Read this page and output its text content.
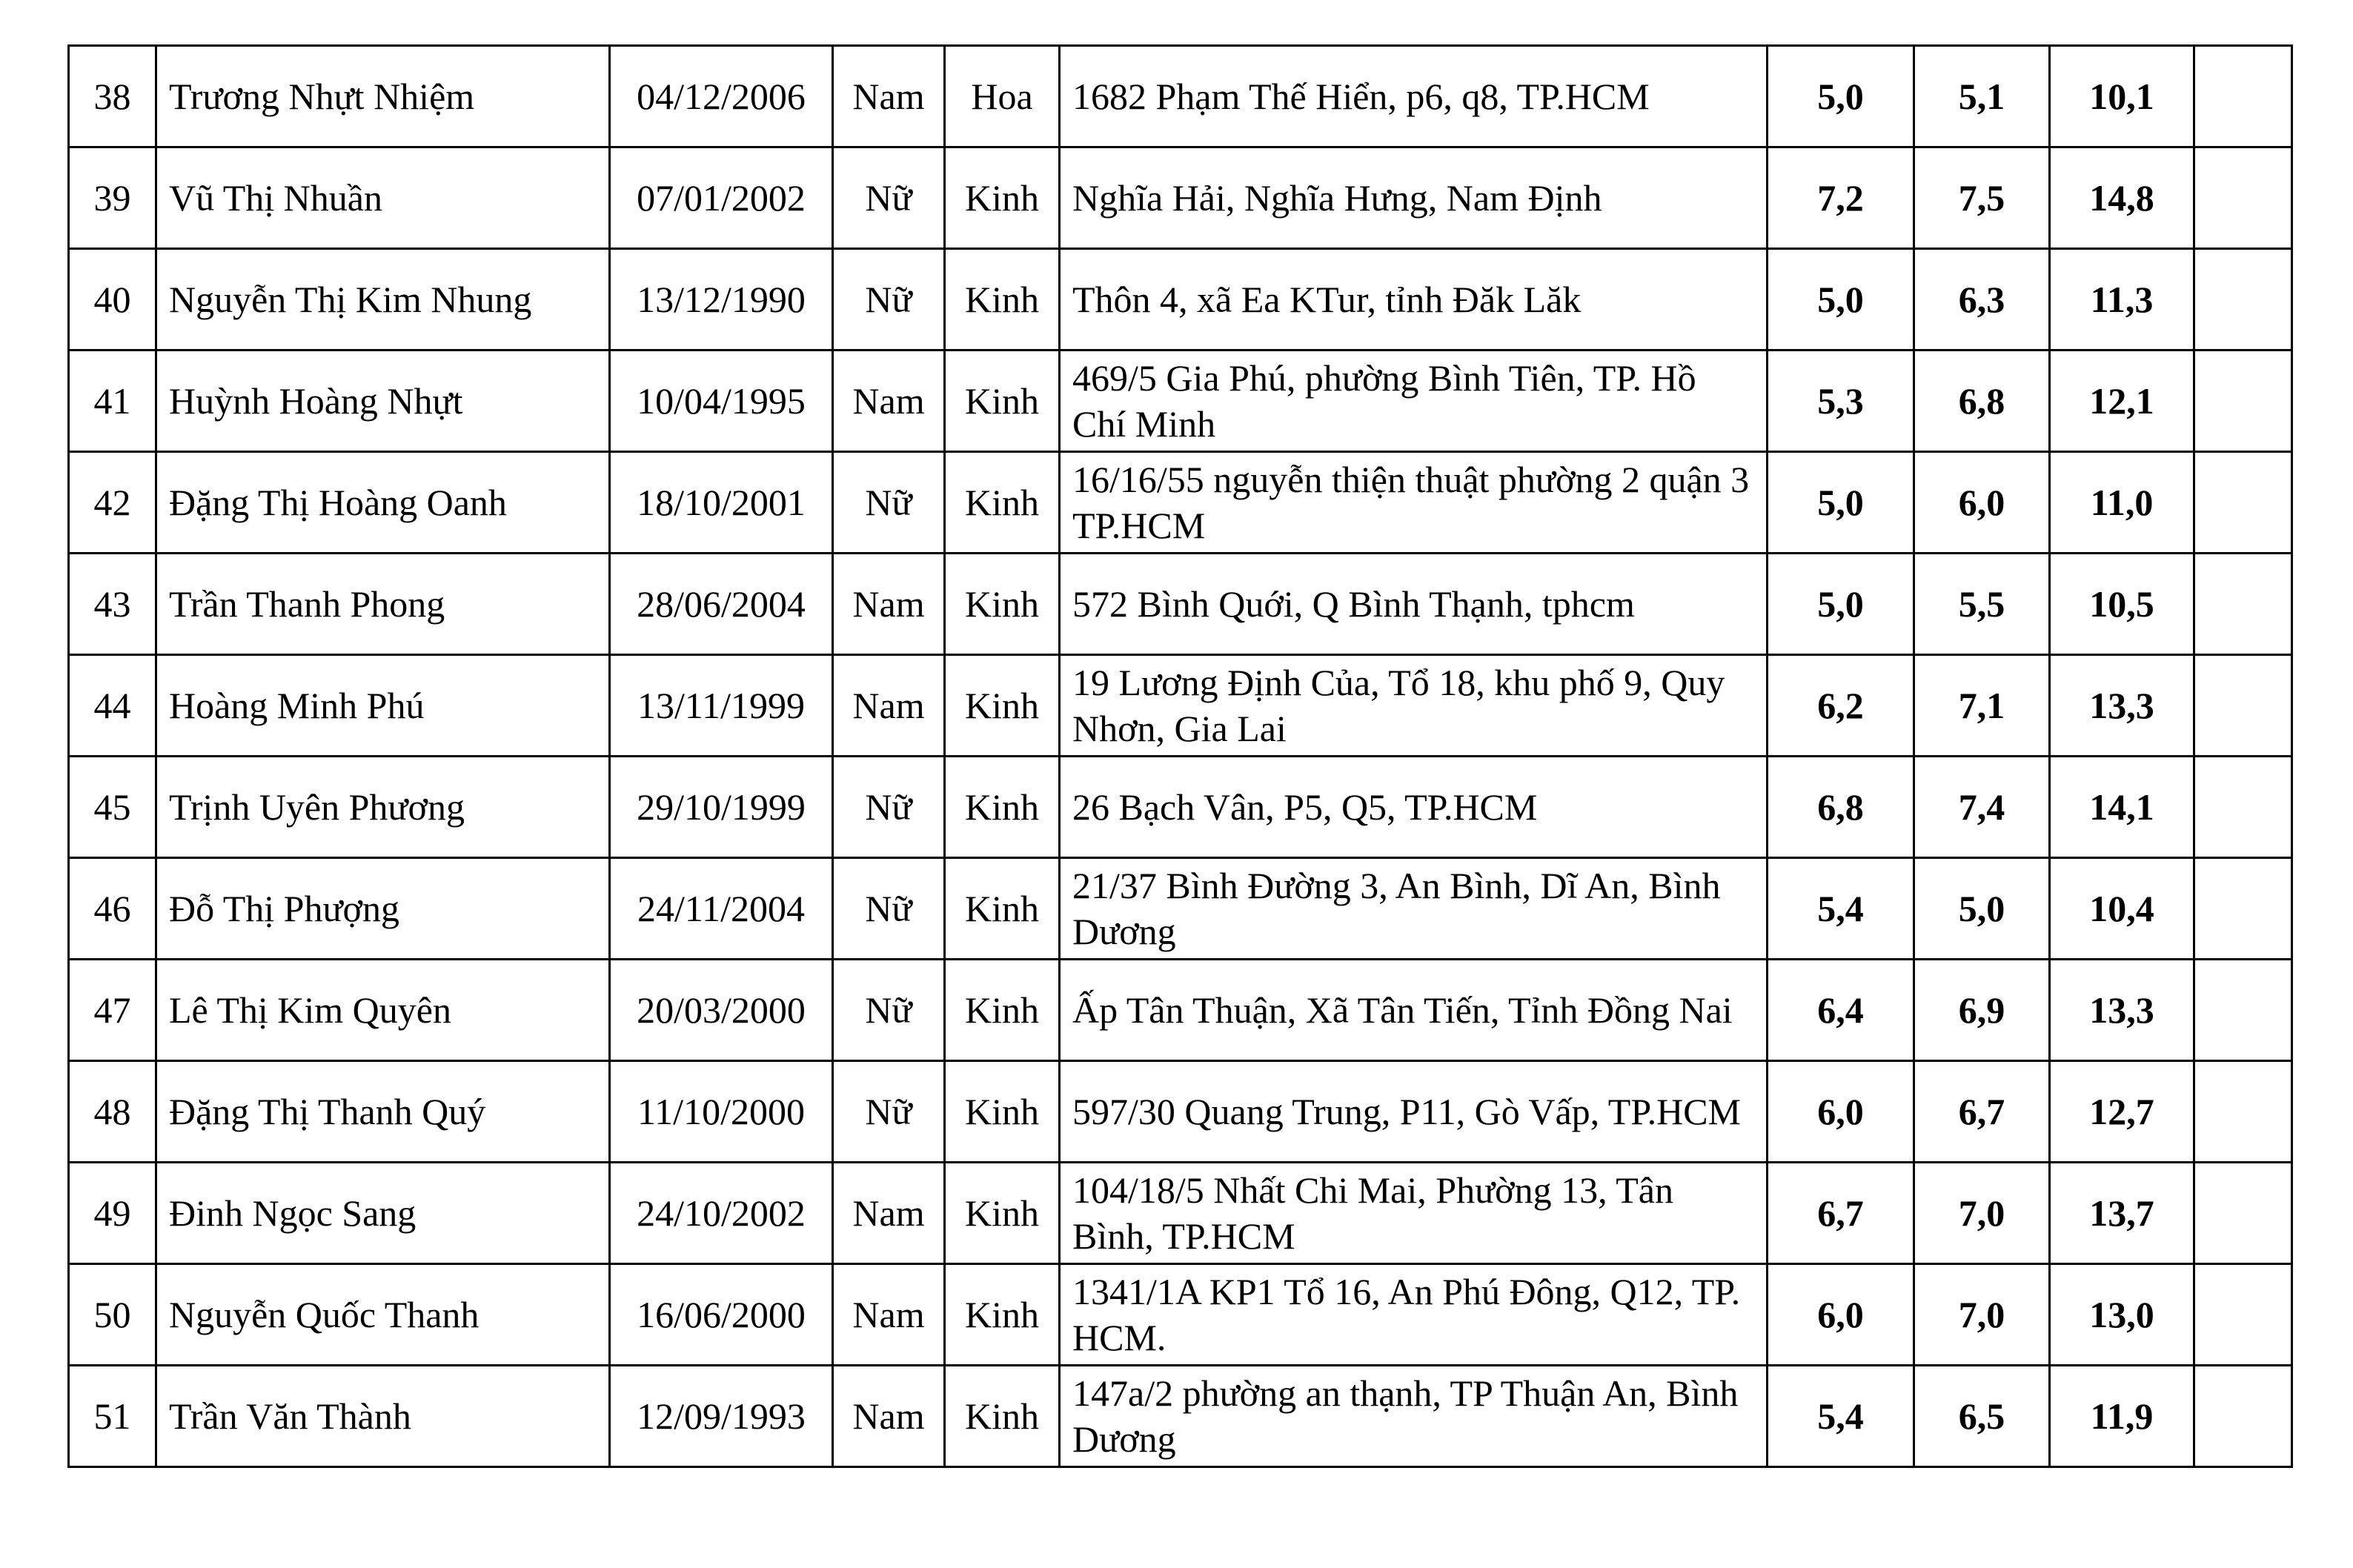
38	Trương Nhựt Nhiệm	04/12/2006	Nam	Hoa	1682 Phạm Thế Hiển, p6, q8, TP.HCM	5,0	5,1	10,1	
39	Vũ Thị Nhuần	07/01/2002	Nữ	Kinh	Nghĩa Hải, Nghĩa Hưng, Nam Định	7,2	7,5	14,8	
40	Nguyễn Thị Kim Nhung	13/12/1990	Nữ	Kinh	Thôn 4, xã Ea KTur, tỉnh Đăk Lăk	5,0	6,3	11,3	
41	Huỳnh Hoàng Nhựt	10/04/1995	Nam	Kinh	469/5 Gia Phú, phường Bình Tiên, TP. Hồ Chí Minh	5,3	6,8	12,1	
42	Đặng Thị Hoàng Oanh	18/10/2001	Nữ	Kinh	16/16/55 nguyễn thiện thuật phường 2 quận 3 TP.HCM	5,0	6,0	11,0	
43	Trần Thanh Phong	28/06/2004	Nam	Kinh	572 Bình Quới, Q Bình Thạnh, tphcm	5,0	5,5	10,5	
44	Hoàng Minh Phú	13/11/1999	Nam	Kinh	19 Lương Định Của, Tổ 18, khu phố 9, Quy Nhơn, Gia Lai	6,2	7,1	13,3	
45	Trịnh Uyên Phương	29/10/1999	Nữ	Kinh	26 Bạch Vân, P5, Q5, TP.HCM	6,8	7,4	14,1	
46	Đỗ Thị Phượng	24/11/2004	Nữ	Kinh	21/37 Bình Đường 3, An Bình, Dĩ An, Bình Dương	5,4	5,0	10,4	
47	Lê Thị Kim Quyên	20/03/2000	Nữ	Kinh	Ấp Tân Thuận, Xã Tân Tiến, Tỉnh Đồng Nai	6,4	6,9	13,3	
48	Đặng Thị Thanh Quý	11/10/2000	Nữ	Kinh	597/30 Quang Trung, P11, Gò Vấp, TP.HCM	6,0	6,7	12,7	
49	Đinh Ngọc Sang	24/10/2002	Nam	Kinh	104/18/5 Nhất Chi Mai, Phường 13, Tân Bình, TP.HCM	6,7	7,0	13,7	
50	Nguyễn Quốc Thanh	16/06/2000	Nam	Kinh	1341/1A KP1 Tổ 16, An Phú Đông, Q12, TP. HCM.	6,0	7,0	13,0	
51	Trần Văn Thành	12/09/1993	Nam	Kinh	147a/2 phường an thạnh, TP Thuận An, Bình Dương	5,4	6,5	11,9	
